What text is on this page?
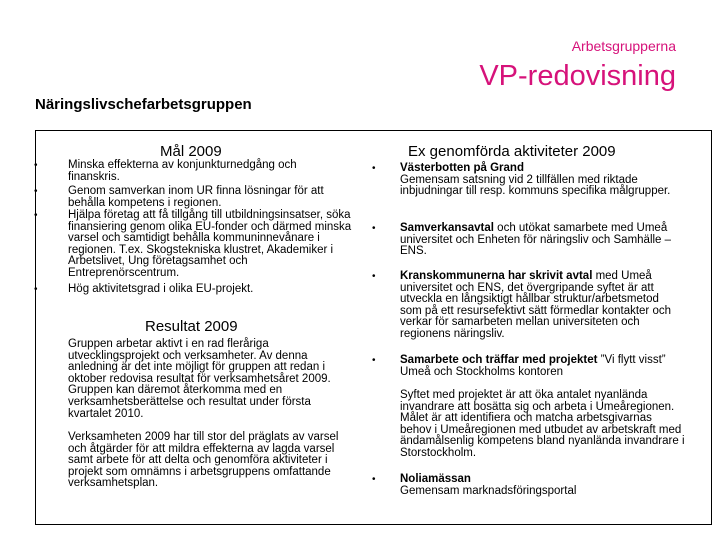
Arbetsgrupperna
VP-redovisning
Näringslivschefarbetsgruppen
Mål 2009
•	Minska effekterna av konjunkturnedgång och finanskris.
•	Genom samverkan inom UR finna lösningar för att behålla kompetens i regionen.
•	Hjälpa företag att få tillgång till utbildningsinsatser, söka finansiering genom olika EU-fonder och därmed minska varsel och samtidigt behålla kommuninnevånare i regionen. T.ex. Skogstekniska klustret, Akademiker i Arbetslivet, Ung företagsamhet och Entreprenörscentrum.
•	Hög aktivitetsgrad i olika EU-projekt.
Resultat 2009
Gruppen arbetar aktivt i en rad fleråriga utvecklingsprojekt och verksamheter. Av denna anledning är det inte möjligt för gruppen att redan i oktober redovisa resultat för verksamhetsåret 2009. Gruppen kan däremot återkomma med en verksamhetsberättelse och resultat under första kvartalet 2010.
Verksamheten 2009 har till stor del präglats av varsel och åtgärder för att mildra effekterna av lagda varsel samt arbete för att delta och genomföra aktiviteter i projekt som omnämns i arbetsgruppens omfattande verksamhetsplan.
Ex genomförda aktiviteter 2009
• Västerbotten på Grand
Gemensam satsning vid 2 tillfällen med riktade inbjudningar till resp. kommuns specifika målgrupper.
• Samverkansavtal och utökat samarbete med Umeå universitet och Enheten för näringsliv och Samhälle – ENS.
• Kranskommunerna har skrivit avtal med Umeå universitet och ENS, det övergripande syftet är att utveckla en långsiktigt hållbar struktur/arbetsmetod som på ett resursefektivt sätt förmedlar kontakter och verkar för samarbeten mellan universiteten och regionens näringsliv.
• Samarbete och träffar med projektet ”Vi flytt visst” Umeå och Stockholms kontoren
Syftet med projektet är att öka antalet nyanlända invandrare att bosätta sig och arbeta i Umeåregionen. Målet är att identifiera och matcha arbetsgivarnas behov i Umeåregionen med utbudet av arbetskraft med ändamålsenlig kompetens bland nyanlända invandrare i Storstockholm.
• Noliamässan
Gemensam marknadsföringsportal
